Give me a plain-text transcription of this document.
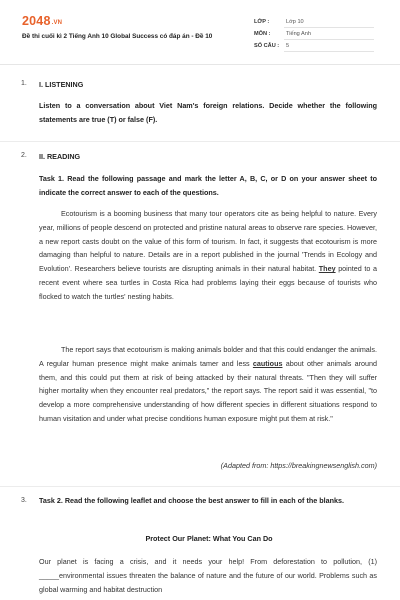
2048.VN
Đề thi cuối kì 2 Tiếng Anh 10 Global Success có đáp án - Đề 10
LỚP :	Lớp 10
MÔN :	Tiếng Anh
SỐ CÂU :	5
1. I. LISTENING
Listen to a conversation about Viet Nam's foreign relations. Decide whether the following statements are true (T) or false (F).
2. II. READING
Task 1. Read the following passage and mark the letter A, B, C, or D on your answer sheet to indicate the correct answer to each of the questions.
Ecotourism is a booming business that many tour operators cite as being helpful to nature. Every year, millions of people descend on protected and pristine natural areas to observe rare species. However, a new report casts doubt on the value of this form of tourism. In fact, it suggests that ecotourism is more damaging than helpful to nature. Details are in a report published in the journal 'Trends in Ecology and Evolution'. Researchers believe tourists are disrupting animals in their natural habitat. They pointed to a recent event where sea turtles in Costa Rica had problems laying their eggs because of tourists who flocked to watch the turtles' nesting habits.
The report says that ecotourism is making animals bolder and that this could endanger the animals. A regular human presence might make animals tamer and less cautious about other animals around them, and this could put them at risk of being attacked by their natural threats. "Then they will suffer higher mortality when they encounter real predators," the report says. The report said it was essential, "to develop a more comprehensive understanding of how different species in different situations respond to human visitation and under what precise conditions human exposure might put them at risk."
(Adapted from: https://breakingnewsenglish.com)
3. Task 2. Read the following leaflet and choose the best answer to fill in each of the blanks.
Protect Our Planet: What You Can Do
Our planet is facing a crisis, and it needs your help! From deforestation to pollution, (1) _____environmental issues threaten the balance of nature and the future of our world. Problems such as global warming and habitat destruction
